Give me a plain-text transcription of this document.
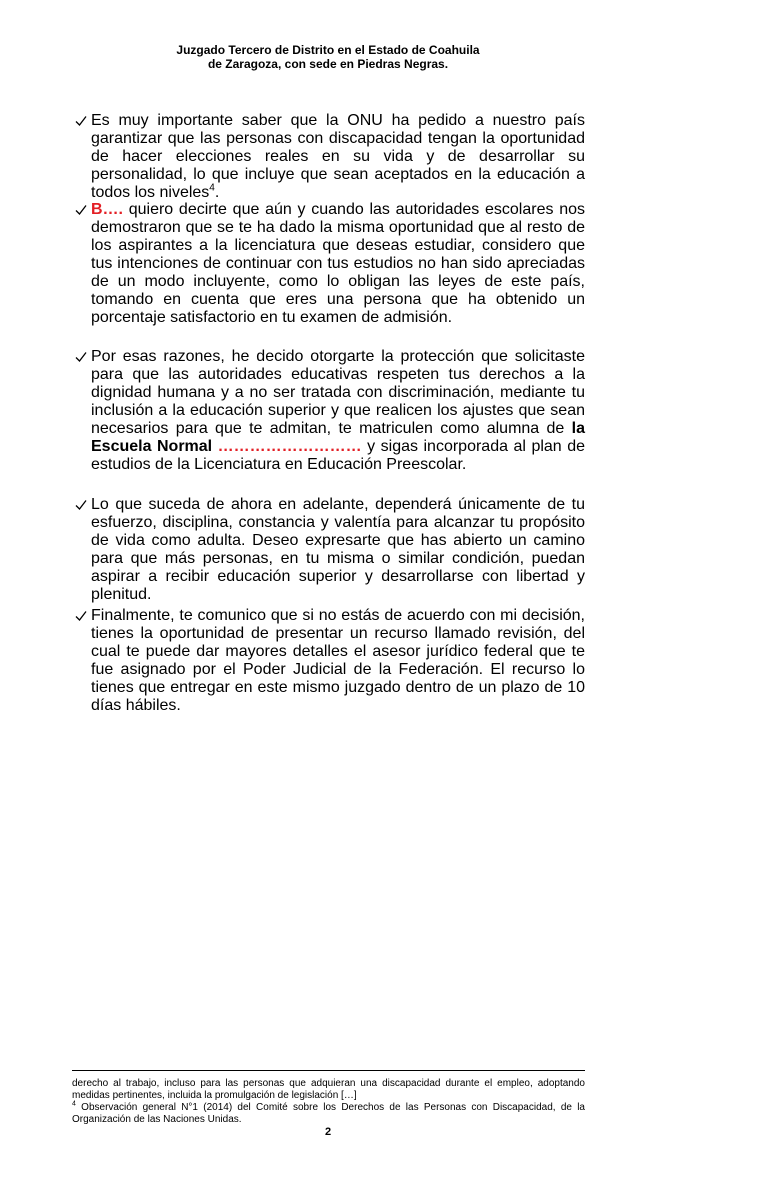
Juzgado Tercero de Distrito en el Estado de Coahuila
de Zaragoza, con sede en Piedras Negras.
Es muy importante saber que la ONU ha pedido a nuestro país garantizar que las personas con discapacidad tengan la oportunidad de hacer elecciones reales en su vida y de desarrollar su personalidad, lo que incluye que sean aceptados en la educación a todos los niveles$^4$.
B…. quiero decirte que aún y cuando las autoridades escolares nos demostraron que se te ha dado la misma oportunidad que al resto de los aspirantes a la licenciatura que deseas estudiar, considero que tus intenciones de continuar con tus estudios no han sido apreciadas de un modo incluyente, como lo obligan las leyes de este país, tomando en cuenta que eres una persona que ha obtenido un porcentaje satisfactorio en tu examen de admisión.
Por esas razones, he decido otorgarte la protección que solicitaste para que las autoridades educativas respeten tus derechos a la dignidad humana y a no ser tratada con discriminación, mediante tu inclusión a la educación superior y que realicen los ajustes que sean necesarios para que te admitan, te matriculen como alumna de la Escuela Normal ……………………… y sigas incorporada al plan de estudios de la Licenciatura en Educación Preescolar.
Lo que suceda de ahora en adelante, dependerá únicamente de tu esfuerzo, disciplina, constancia y valentía para alcanzar tu propósito de vida como adulta. Deseo expresarte que has abierto un camino para que más personas, en tu misma o similar condición, puedan aspirar a recibir educación superior y desarrollarse con libertad y plenitud.
Finalmente, te comunico que si no estás de acuerdo con mi decisión, tienes la oportunidad de presentar un recurso llamado revisión, del cual te puede dar mayores detalles el asesor jurídico federal que te fue asignado por el Poder Judicial de la Federación. El recurso lo tienes que entregar en este mismo juzgado dentro de un plazo de 10 días hábiles.

derecho al trabajo, incluso para las personas que adquieran una discapacidad durante el empleo, adoptando medidas pertinentes, incluida la promulgación de legislación […]

$^4$ Observación general N°1 (2014) del Comité sobre los Derechos de las Personas con Discapacidad, de la Organización de las Naciones Unidas.

2
